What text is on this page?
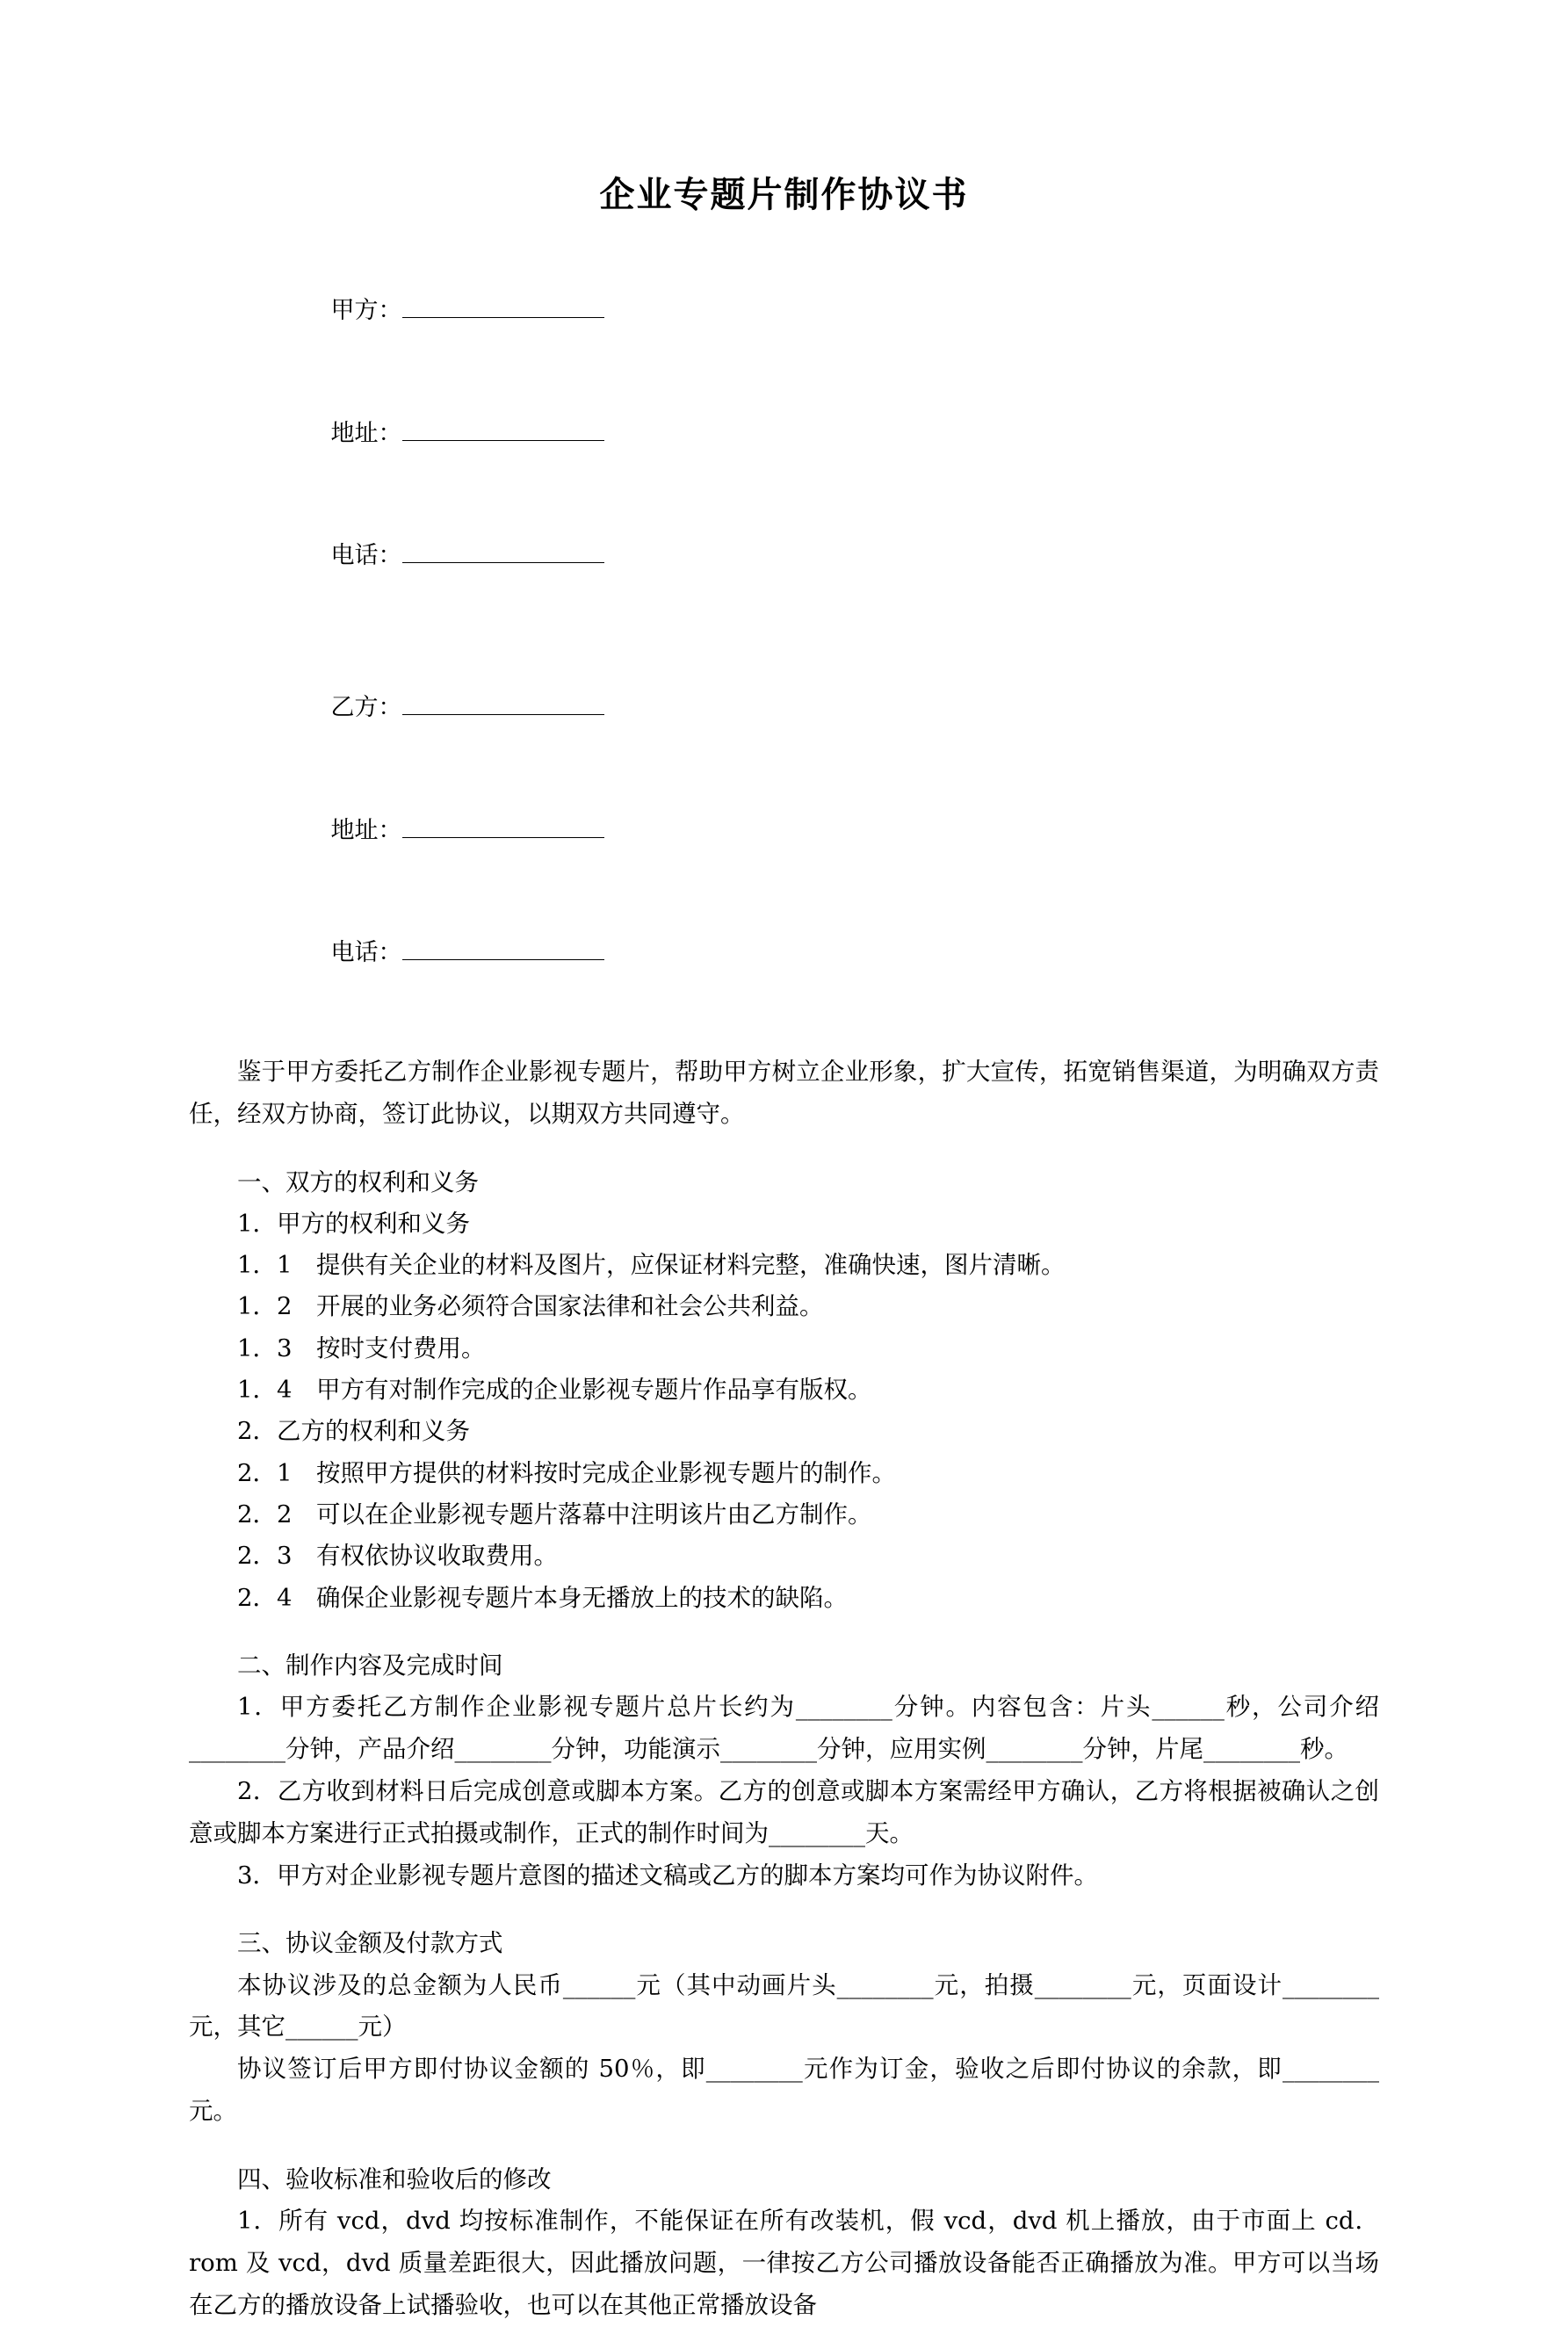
企业专题片制作协议书

甲方：

地址：

电话：

乙方：

地址：

电话：

鉴于甲方委托乙方制作企业影视专题片，帮助甲方树立企业形象，扩大宣传，拓宽销售渠道，为明确双方责任，经双方协商，签订此协议，以期双方共同遵守。

一、双方的权利和义务

1．甲方的权利和义务

1．1　提供有关企业的材料及图片，应保证材料完整，准确快速，图片清晰。

1．2　开展的业务必须符合国家法律和社会公共利益。

1．3　按时支付费用。

1．4　甲方有对制作完成的企业影视专题片作品享有版权。

2．乙方的权利和义务

2．1　按照甲方提供的材料按时完成企业影视专题片的制作。

2．2　可以在企业影视专题片落幕中注明该片由乙方制作。

2．3　有权依协议收取费用。

2．4　确保企业影视专题片本身无播放上的技术的缺陷。

二、制作内容及完成时间

1．甲方委托乙方制作企业影视专题片总片长约为________分钟。内容包含：片头______秒，公司介绍________分钟，产品介绍________分钟，功能演示________分钟，应用实例________分钟，片尾________秒。

2．乙方收到材料日后完成创意或脚本方案。乙方的创意或脚本方案需经甲方确认，乙方将根据被确认之创意或脚本方案进行正式拍摄或制作，正式的制作时间为________天。

3．甲方对企业影视专题片意图的描述文稿或乙方的脚本方案均可作为协议附件。

三、协议金额及付款方式

本协议涉及的总金额为人民币______元（其中动画片头________元，拍摄________元，页面设计________元，其它______元）

协议签订后甲方即付协议金额的 50％，即________元作为订金，验收之后即付协议的余款，即________元。

四、验收标准和验收后的修改

1．所有 vcd，dvd 均按标准制作，不能保证在所有改装机，假 vcd，dvd 机上播放，由于市面上 cd．rom 及 vcd，dvd 质量差距很大，因此播放问题，一律按乙方公司播放设备能否正确播放为准。甲方可以当场在乙方的播放设备上试播验收，也可以在其他正常播放设备
